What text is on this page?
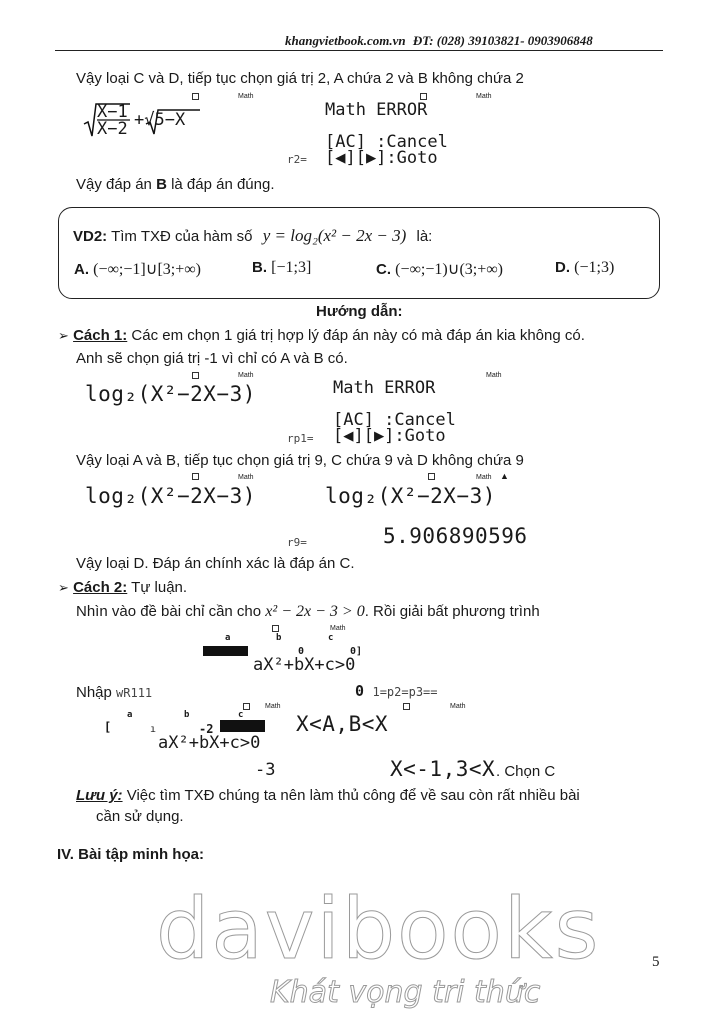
khangvietbook.com.vn ĐT: (028) 39103821- 0903906848
Vậy loại C và D, tiếp tục chọn giá trị 2, A chứa 2 và B không chứa 2
X−1
X−2 +√5−X
Math	Math
Math ERROR
[AC] :Cancel
r2= [◀][▶]:Goto
Vậy đáp án B là đáp án đúng.
VD2: Tìm TXĐ của hàm số y = log₂(x² − 2x − 3) là:
A. (−∞;−1]∪[3;+∞)	B. [−1;3]	C. (−∞;−1)∪(3;+∞)	D. (−1;3)
Hướng dẫn:
➢ Cách 1: Các em chọn 1 giá trị hợp lý đáp án này có mà đáp án kia không có.
Anh sẽ chọn giá trị -1 vì chỉ có A và B có.
Math	Math
log₂(X²−2X−3)	Math ERROR
[AC] :Cancel
rp1= [◀][▶]:Goto
Vậy loại A và B, tiếp tục chọn giá trị 9, C chứa 9 và D không chứa 9
Math	Math ▲
log₂(X²−2X−3)	log₂(X²−2X−3)
r9=	5.906890596
Vậy loại D. Đáp án chính xác là đáp án C.
➢ Cách 2: Tự luận.
Nhìn vào đề bài chỉ cần cho x² − 2x − 3 > 0. Rồi giải bất phương trình
Math
a	b	c
0	0]
aX²+bX+c>0
Nhập wR111	0 1=p2=p3==
Math	Math
[
a
ı
b
-2
c
aX²+bX+c>0
-3
X<A,B<X
X<-1,3<X . Chọn C
Lưu ý: Việc tìm TXĐ chúng ta nên làm thủ công để về sau còn rất nhiều bài
cần sử dụng.
IV. Bài tập minh họa:
davibooks
Khát vọng tri thức
5
